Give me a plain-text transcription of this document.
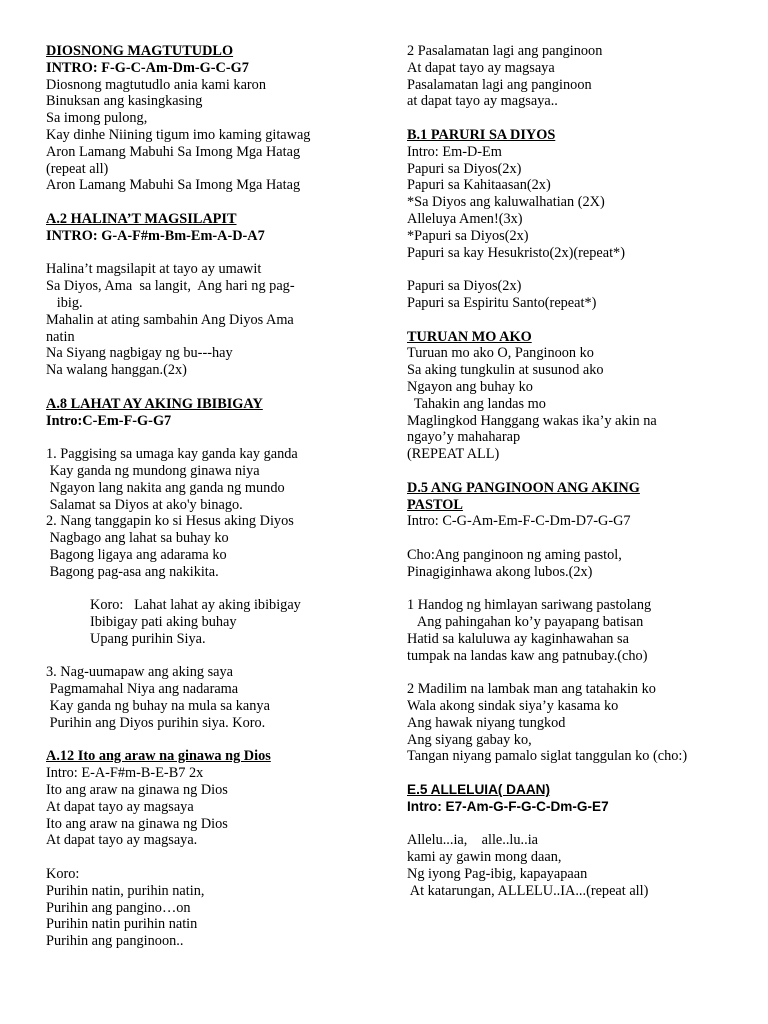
DIOSNONG MAGTUTUDLO
INTRO: F-G-C-Am-Dm-G-C-G7
Diosnong magtutudlo ania kami karon
Binuksan ang kasingkasing
Sa imong pulong,
Kay dinhe Niining tigum imo kaming gitawag
Aron Lamang Mabuhi Sa Imong Mga Hatag
(repeat all)
Aron Lamang Mabuhi Sa Imong Mga Hatag
A.2 HALINA’T MAGSILAPIT
INTRO: G-A-F#m-Bm-Em-A-D-A7
Halina’t magsilapit at tayo ay umawit
Sa Diyos, Ama  sa langit,  Ang hari ng pag-
ibig.
Mahalin at ating sambahin Ang Diyos Ama
natin
Na Siyang nagbigay ng bu---hay
Na walang hanggan.(2x)
A.8 LAHAT AY AKING IBIBIGAY
Intro:C-Em-F-G-G7
1. Paggising sa umaga kay ganda kay ganda
Kay ganda ng mundong ginawa niya
Ngayon lang nakita ang ganda ng mundo
Salamat sa Diyos at ako'y binago.
2. Nang tanggapin ko si Hesus aking Diyos
Nagbago ang lahat sa buhay ko
Bagong ligaya ang adarama ko
Bagong pag-asa ang nakikita.
Koro:   Lahat lahat ay aking ibibigay
Ibibigay pati aking buhay
Upang purihin Siya.
3. Nag-uumapaw ang aking saya
Pagmamahal Niya ang nadarama
Kay ganda ng buhay na mula sa kanya
Purihin ang Diyos purihin siya. Koro.
A.12 Ito ang araw na ginawa ng Dios
Intro: E-A-F#m-B-E-B7 2x
Ito ang araw na ginawa ng Dios
At dapat tayo ay magsaya
Ito ang araw na ginawa ng Dios
At dapat tayo ay magsaya.
Koro:
Purihin natin, purihin natin,
Purihin ang pangino…on
Purihin natin purihin natin
Purihin ang panginoon..
2 Pasalamatan lagi ang panginoon
At dapat tayo ay magsaya
Pasalamatan lagi ang panginoon
at dapat tayo ay magsaya..
B.1 PARURI SA DIYOS
Intro: Em-D-Em
Papuri sa Diyos(2x)
Papuri sa Kahitaasan(2x)
*Sa Diyos ang kaluwalhatian (2X)
Alleluya Amen!(3x)
*Papuri sa Diyos(2x)
Papuri sa kay Hesukristo(2x)(repeat*)
Papuri sa Diyos(2x)
Papuri sa Espiritu Santo(repeat*)
TURUAN MO AKO
Turuan mo ako O, Panginoon ko
Sa aking tungkulin at susunod ako
Ngayon ang buhay ko
Tahakin ang landas mo
Maglingkod Hanggang wakas ika’y akin na
ngayo’y mahaharap
(REPEAT ALL)
D.5 ANG PANGINOON ANG AKING
PASTOL
Intro: C-G-Am-Em-F-C-Dm-D7-G-G7
Cho:Ang panginoon ng aming pastol,
Pinagiginhawa akong lubos.(2x)
1 Handog ng himlayan sariwang pastolang
Ang pahingahan ko’y payapang batisan
Hatid sa kaluluwa ay kaginhawahan sa
tumpak na landas kaw ang patnubay.(cho)
2 Madilim na lambak man ang tatahakin ko
Wala akong sindak siya’y kasama ko
Ang hawak niyang tungkod
Ang siyang gabay ko,
Tangan niyang pamalo siglat tanggulan ko (cho:)
E.5 ALLELUIA( DAAN)
Intro: E7-Am-G-F-G-C-Dm-G-E7
Allelu...ia,    alle..lu..ia
kami ay gawin mong daan,
Ng iyong Pag-ibig, kapayapaan
At katarungan, ALLELU..IA...(repeat all)
